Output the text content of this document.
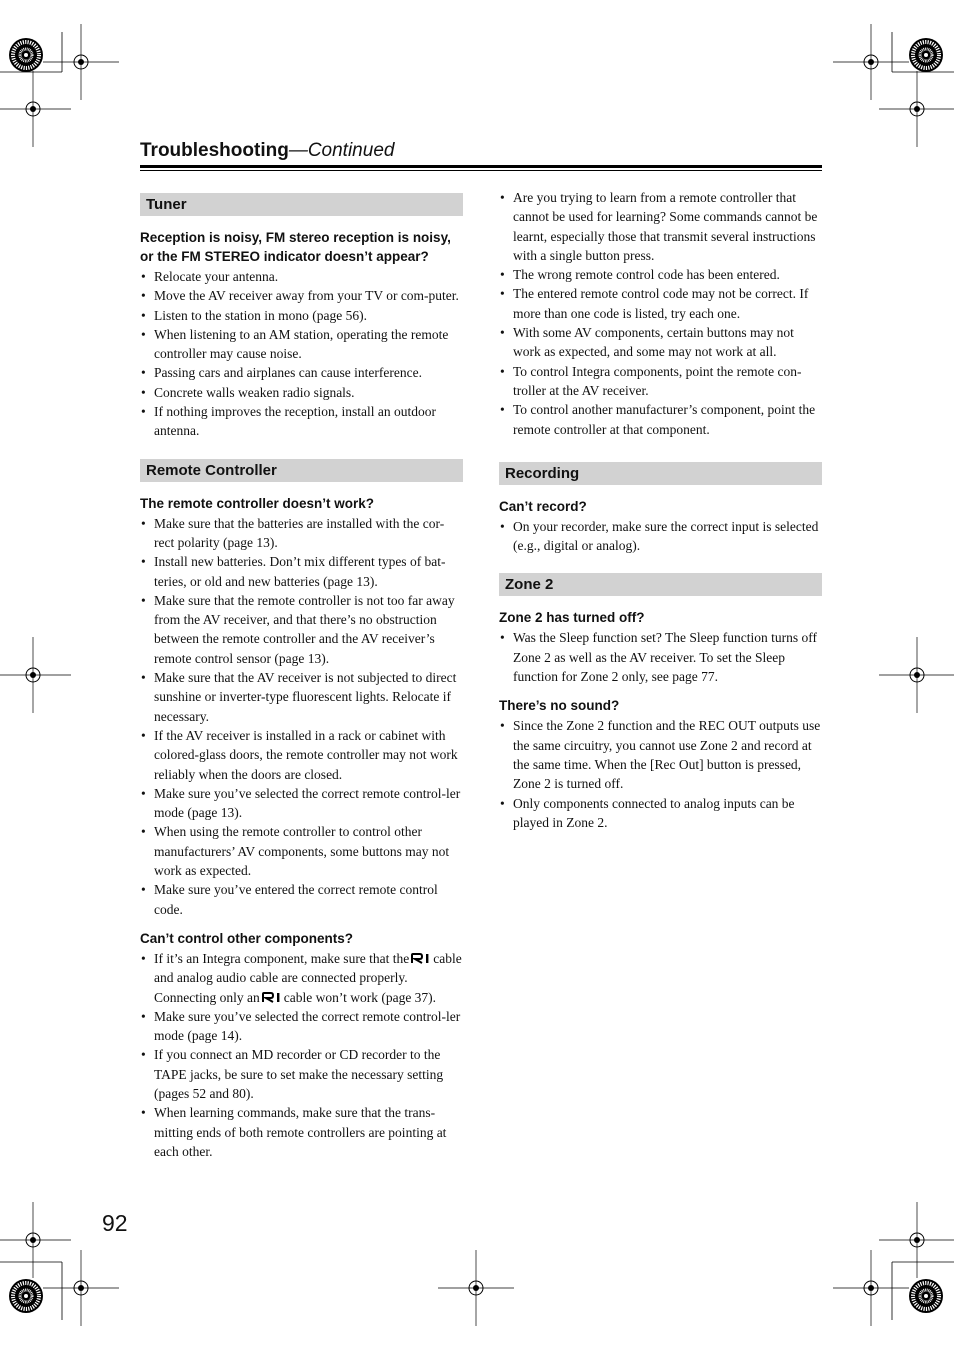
Troubleshooting—Continued
Tuner
Reception is noisy, FM stereo reception is noisy, or the FM STEREO indicator doesn’t appear?
• Relocate your antenna.
• Move the AV receiver away from your TV or com-puter.
• Listen to the station in mono (page 56).
• When listening to an AM station, operating the remote controller may cause noise.
• Passing cars and airplanes can cause interference.
• Concrete walls weaken radio signals.
• If nothing improves the reception, install an outdoor antenna.
Remote Controller
The remote controller doesn’t work?
• Make sure that the batteries are installed with the cor-rect polarity (page 13).
• Install new batteries. Don’t mix different types of bat-teries, or old and new batteries (page 13).
• Make sure that the remote controller is not too far away from the AV receiver, and that there’s no obstruction between the remote controller and the AV receiver’s remote control sensor (page 13).
• Make sure that the AV receiver is not subjected to direct sunshine or inverter-type fluorescent lights. Relocate if necessary.
• If the AV receiver is installed in a rack or cabinet with colored-glass doors, the remote controller may not work reliably when the doors are closed.
• Make sure you’ve selected the correct remote control-ler mode (page 13).
• When using the remote controller to control other manufacturers’ AV components, some buttons may not work as expected.
• Make sure you’ve entered the correct remote control code.
Can’t control other components?
• If it’s an Integra component, make sure that the cable and analog audio cable are connected properly. Connecting only an cable won’t work (page 37).
• Make sure you’ve selected the correct remote control-ler mode (page 14).
• If you connect an MD recorder or CD recorder to the TAPE jacks, be sure to set make the necessary setting (pages 52 and 80).
• When learning commands, make sure that the trans-mitting ends of both remote controllers are pointing at each other.
• Are you trying to learn from a remote controller that cannot be used for learning? Some commands cannot be learnt, especially those that transmit several instructions with a single button press.
• The wrong remote control code has been entered.
• The entered remote control code may not be correct. If more than one code is listed, try each one.
• With some AV components, certain buttons may not work as expected, and some may not work at all.
• To control Integra components, point the remote con-troller at the AV receiver.
• To control another manufacturer’s component, point the remote controller at that component.
Recording
Can’t record?
• On your recorder, make sure the correct input is selected (e.g., digital or analog).
Zone 2
Zone 2 has turned off?
• Was the Sleep function set? The Sleep function turns off Zone 2 as well as the AV receiver. To set the Sleep function for Zone 2 only, see page 77.
There’s no sound?
• Since the Zone 2 function and the REC OUT outputs use the same circuitry, you cannot use Zone 2 and record at the same time. When the [Rec Out] button is pressed, Zone 2 is turned off.
• Only components connected to analog inputs can be played in Zone 2.
92
